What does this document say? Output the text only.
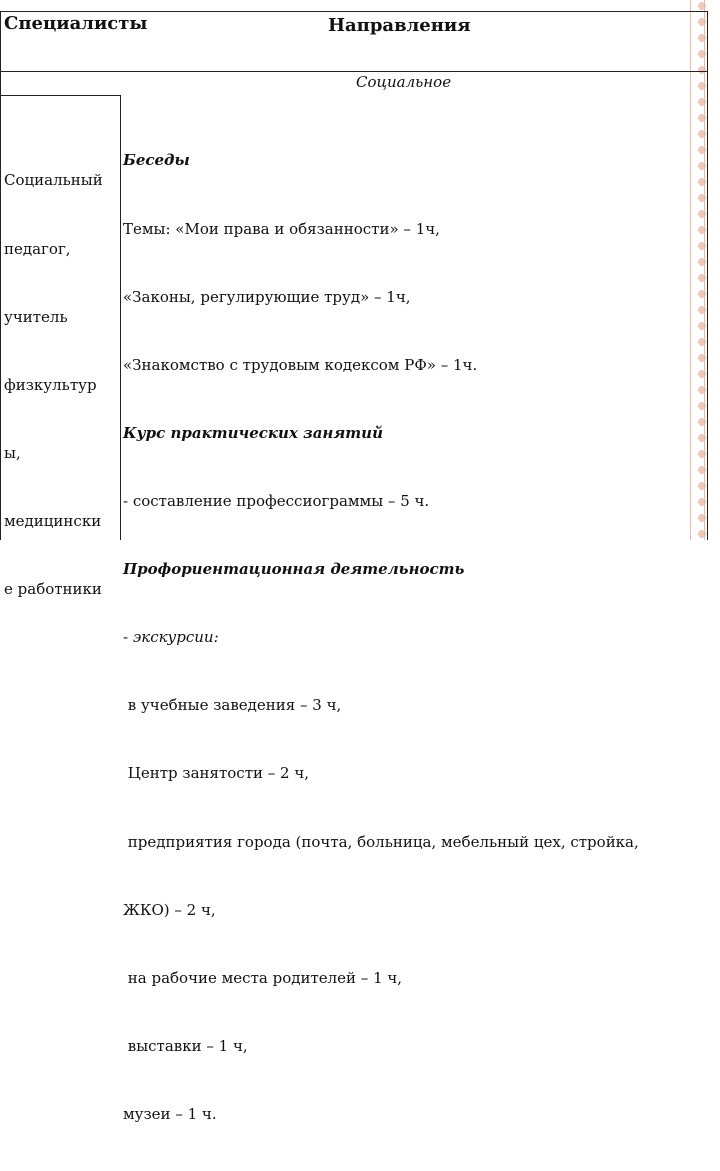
Специалисты	Направления
Социальное

Социальный

педагог,

учитель

физкультур

ы,

медицински

е работники

Беседы

Темы: «Мои права и обязанности» – 1ч,

«Законы, регулирующие труд» – 1ч,

«Знакомство с трудовым кодексом РФ» – 1ч.

Курс практических занятий

- составление профессиограммы – 5 ч.

Профориентационная деятельность

- экскурсии:

в учебные заведения – 3 ч,

Центр занятости – 2 ч,

предприятия города (почта, больница, мебельный цех, стройка,

ЖКО) – 2 ч,

на рабочие места родителей – 1 ч,

выставки – 1 ч,

музеи – 1 ч.
